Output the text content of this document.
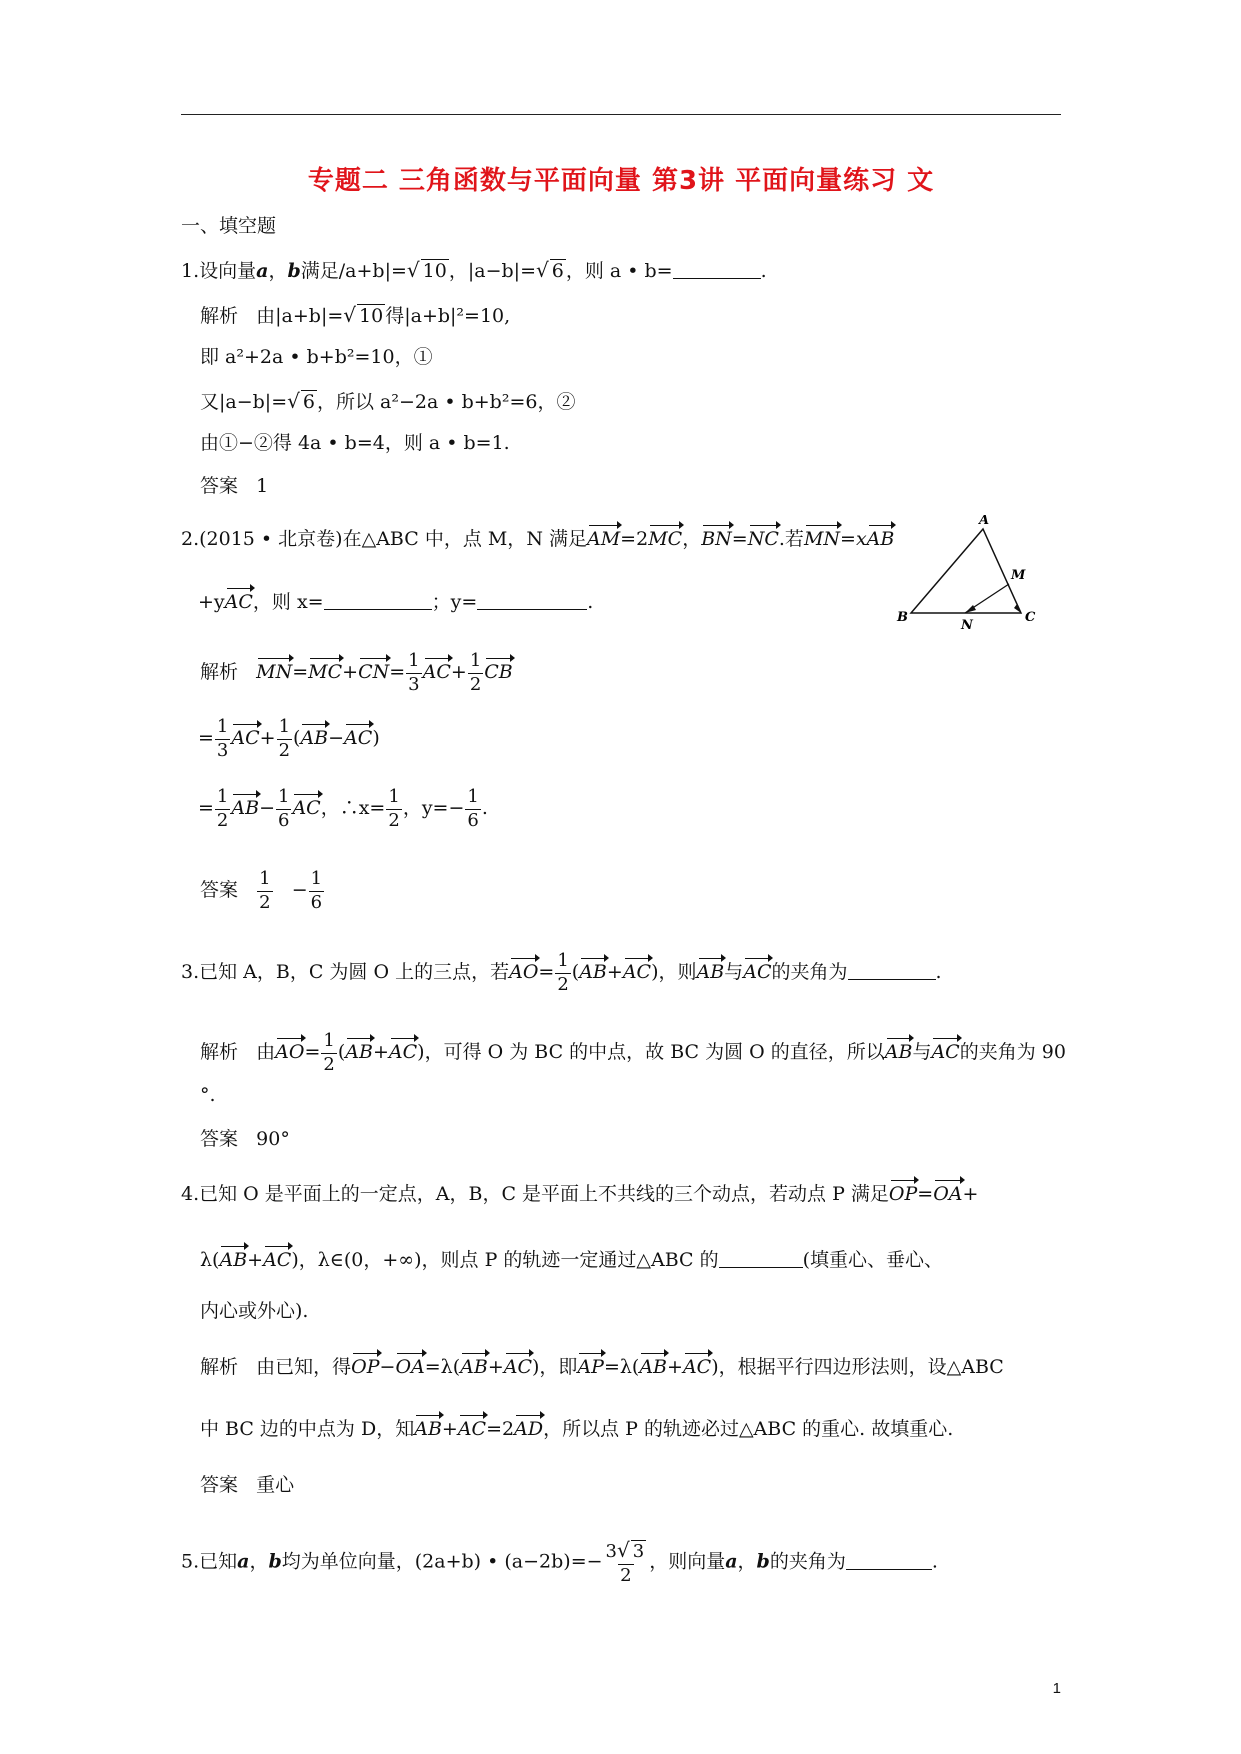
专题二 三角函数与平面向量 第3讲 平面向量练习 文
一、填空题
1.设向量a，b满足/a+b|=√ 10 ，|a−b|=√ 6 ，则 a • b=	.
解析 由|a+b|=√ 10 得|a+b|²=10,
即 a²+2a • b+b²=10，①
又|a−b|=√ 6 ，所以 a²−2a • b+b²=6，②
由①−②得 4a • b=4，则 a • b=1.
答案 1
2.(2015 • 北京卷)在△ABC 中，点 M，N 满足AM=2MC，BN=NC.若MN=xAB
+yAC，则 x=	；y=	.
A
B	C
M
N
解析 $MN=MC+CN= \frac{1}{3} AC+ \frac{1}{2}$ CB
= $\frac{1}{3} AC+ \frac{1}{2} (AB-AC)$
= $\frac{1}{2} AB- \frac{1}{6}$ AC，∴x= $\frac{1}{2}$ ，$y=- \frac{1}{6}$ .
答案 $\frac{1}{2} - \frac{1}{6}$
3.已知 A，B，C 为圆 O 上的三点，若$AO= \frac{1}{2} (AB+AC)$，则AB与AC的夹角为	.
解析 由$AO= \frac{1}{2} (AB+AC)$，可得 O 为 BC 的中点，故 BC 为圆 O 的直径，所以AB与AC的夹角为 90
°.
答案 90°
4.已知 O 是平面上的一定点，A，B，C 是平面上不共线的三个动点，若动点 P 满足OP=OA+
λ(AB+AC)，λ∈(0，+∞)，则点 P 的轨迹一定通过△ABC 的	(填重心、垂心、
内心或外心).
解析 由已知，得OP−OA=λ(AB+AC)，即AP=λ(AB+AC)，根据平行四边形法则，设△ABC
中 BC 边的中点为 D，知AB+AC=2AD，所以点 P 的轨迹必过△ABC 的重心. 故填重心.
答案 重心
5.已知a，b均为单位向量，(2a+b) • $(a-2b)=- \frac{3√ 3}{2}$ ，则向量a，b的夹角为	.
1
